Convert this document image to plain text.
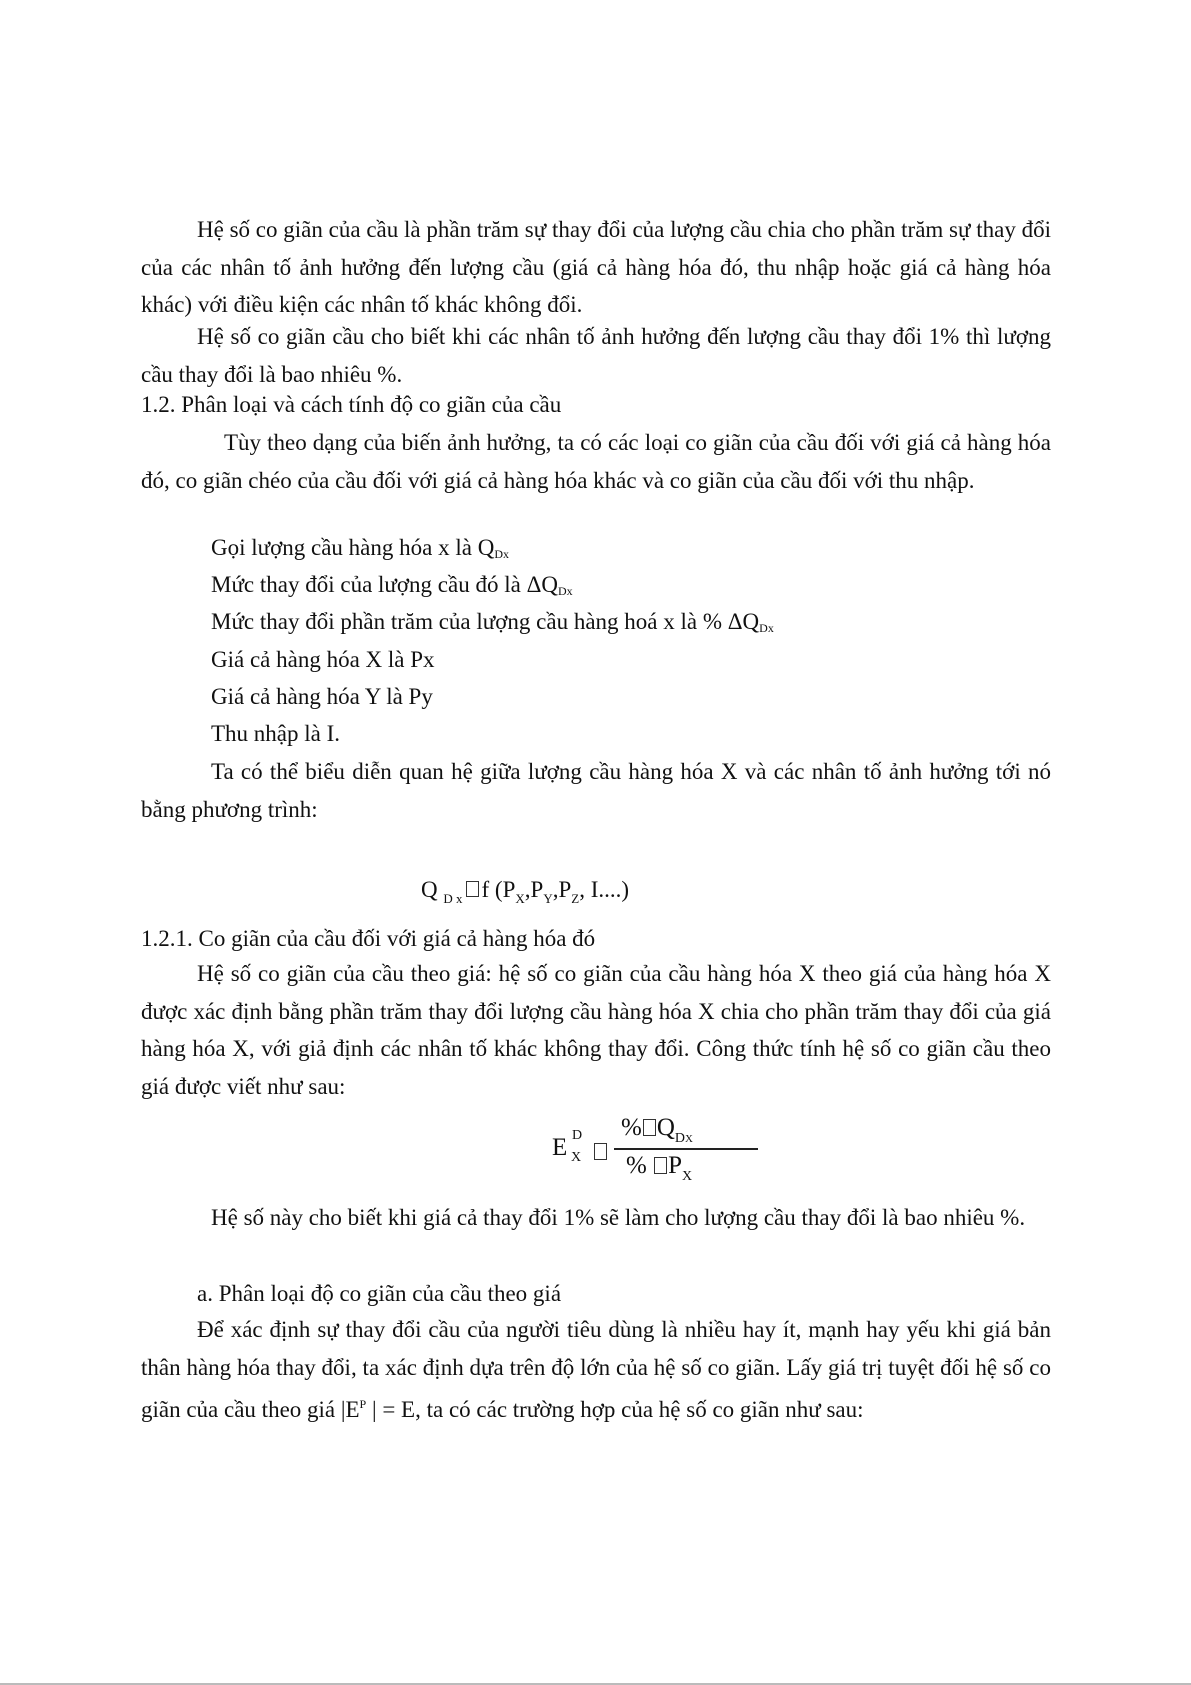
Hệ số co giãn của cầu là phần trăm sự thay đổi của lượng cầu chia cho phần trăm sự thay đổi của các nhân tố ảnh hưởng đến lượng cầu (giá cả hàng hóa đó, thu nhập hoặc giá cả hàng hóa khác) với điều kiện các nhân tố khác không đổi.

Hệ số co giãn cầu cho biết khi các nhân tố ảnh hưởng đến lượng cầu thay đổi 1% thì lượng cầu thay đổi là bao nhiêu %.

1.2. Phân loại và cách tính độ co giãn của cầu

Tùy theo dạng của biến ảnh hưởng, ta có các loại co giãn của cầu đối với giá cả hàng hóa đó, co giãn chéo của cầu đối với giá cả hàng hóa khác và co giãn của cầu đối với thu nhập.

Gọi lượng cầu hàng hóa x là $Q_{Dx}$

Mức thay đổi của lượng cầu đó là $\Delta Q_{Dx}$

Mức thay đổi phần trăm của lượng cầu hàng hoá x là % $\Delta Q_{Dx}$

Giá cả hàng hóa X là Px

Giá cả hàng hóa Y là Py

Thu nhập là I.

Ta có thể biểu diễn quan hệ giữa lượng cầu hàng hóa X và các nhân tố ảnh hưởng tới nó bằng phương trình:

Q $_{D x}$ f ($P_X,P_Y,P_Z$, I....)

1.2.1. Co giãn của cầu đối với giá cả hàng hóa đó

Hệ số co giãn của cầu theo giá: hệ số co giãn của cầu hàng hóa X theo giá của hàng hóa X được xác định bằng phần trăm thay đổi lượng cầu hàng hóa X chia cho phần trăm thay đổi của giá hàng hóa X, với giả định các nhân tố khác không thay đổi. Công thức tính hệ số co giãn cầu theo giá được viết như sau:

E D
X
% $Q_{DX}$
% $P_X$

Hệ số này cho biết khi giá cả thay đổi 1% sẽ làm cho lượng cầu thay đổi là bao nhiêu %.

a. Phân loại độ co giãn của cầu theo giá

Để xác định sự thay đổi cầu của người tiêu dùng là nhiều hay ít, mạnh hay yếu khi giá bản thân hàng hóa thay đổi, ta xác định dựa trên độ lớn của hệ số co giãn. Lấy giá trị tuyệt đối hệ số co giãn của cầu theo giá $|E^P$ | = E, ta có các trường hợp của hệ số co giãn như sau:
